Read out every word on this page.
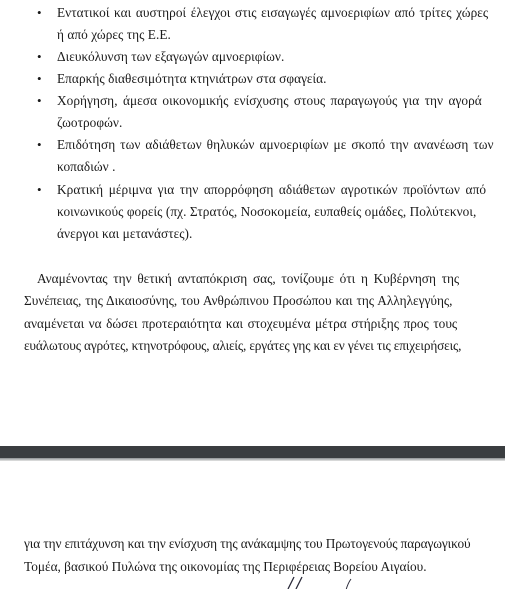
• Εντατικοί και αυστηροί έλεγχοι στις εισαγωγές αμνοεριφίων από τρίτες χώρες
ή από χώρες της Ε.Ε.
• Διευκόλυνση των εξαγωγών αμνοεριφίων.
• Επαρκής διαθεσιμότητα κτηνιάτρων στα σφαγεία.
• Χορήγηση, άμεσα οικονομικής ενίσχυσης στους παραγωγούς για την αγορά
ζωοτροφών.
• Επιδότηση των αδιάθετων θηλυκών αμνοεριφίων με σκοπό την ανανέωση των
κοπαδιών .
• Κρατική μέριμνα για την απορρόφηση αδιάθετων αγροτικών προϊόντων από
κοινωνικούς φορείς (πχ. Στρατός, Νοσοκομεία, ευπαθείς ομάδες, Πολύτεκνοι,
άνεργοι και μετανάστες).
Αναμένοντας την θετική ανταπόκριση σας, τονίζουμε ότι η Κυβέρνηση της
Συνέπειας, της Δικαιοσύνης, του Ανθρώπινου Προσώπου και της Αλληλεγγύης,
αναμένεται να δώσει προτεραιότητα και στοχευμένα μέτρα στήριξης προς τους
ευάλωτους αγρότες, κτηνοτρόφους, αλιείς, εργάτες γης και εν γένει τις επιχειρήσεις,
για την επιτάχυνση και την ενίσχυση της ανάκαμψης του Πρωτογενούς παραγωγικού
Τομέα, βασικού Πυλώνα της οικονομίας της Περιφέρειας Βορείου Αιγαίου.
